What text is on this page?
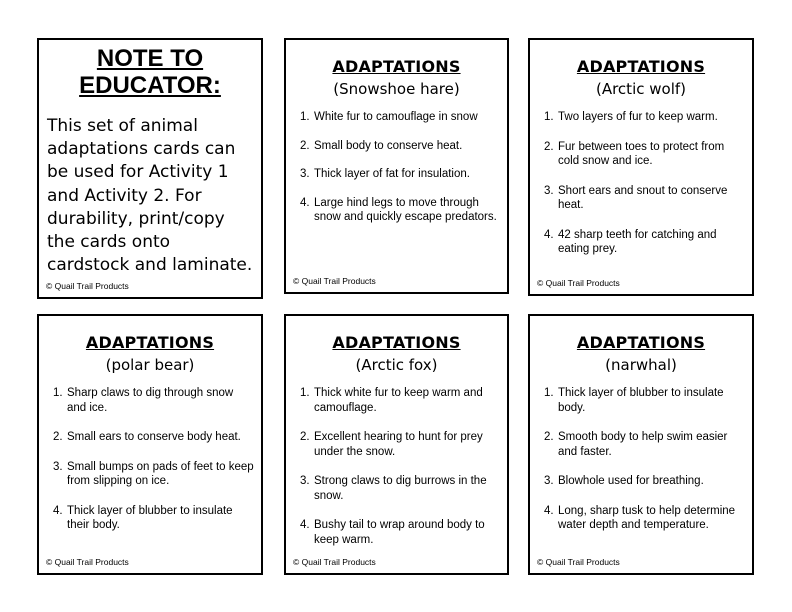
NOTE TO
EDUCATOR:
This set of animal adaptations cards can be used for Activity 1 and Activity 2. For durability, print/copy the cards onto cardstock and laminate.
© Quail Trail Products
ADAPTATIONS
(Snowshoe hare)
1. White fur to camouflage in snow
2. Small body to conserve heat.
3. Thick layer of fat for insulation.
4. Large hind legs to move through snow and quickly escape predators.
© Quail Trail Products
ADAPTATIONS
(Arctic wolf)
1. Two layers of fur to keep warm.
2. Fur between toes to protect from cold snow and ice.
3. Short ears and snout to conserve heat.
4. 42 sharp teeth for catching and eating prey.
© Quail Trail Products
ADAPTATIONS
(polar bear)
1. Sharp claws to dig through snow and ice.
2. Small ears to conserve body heat.
3. Small bumps on pads of feet to keep from slipping on ice.
4. Thick layer of blubber to insulate their body.
© Quail Trail Products
ADAPTATIONS
(Arctic fox)
1. Thick white fur to keep warm and camouflage.
2. Excellent hearing to hunt for prey under the snow.
3. Strong claws to dig burrows in the snow.
4. Bushy tail to wrap around body to keep warm.
© Quail Trail Products
ADAPTATIONS
(narwhal)
1. Thick layer of blubber to insulate body.
2. Smooth body to help swim easier and faster.
3. Blowhole used for breathing.
4. Long, sharp tusk to help determine water depth and temperature.
© Quail Trail Products
